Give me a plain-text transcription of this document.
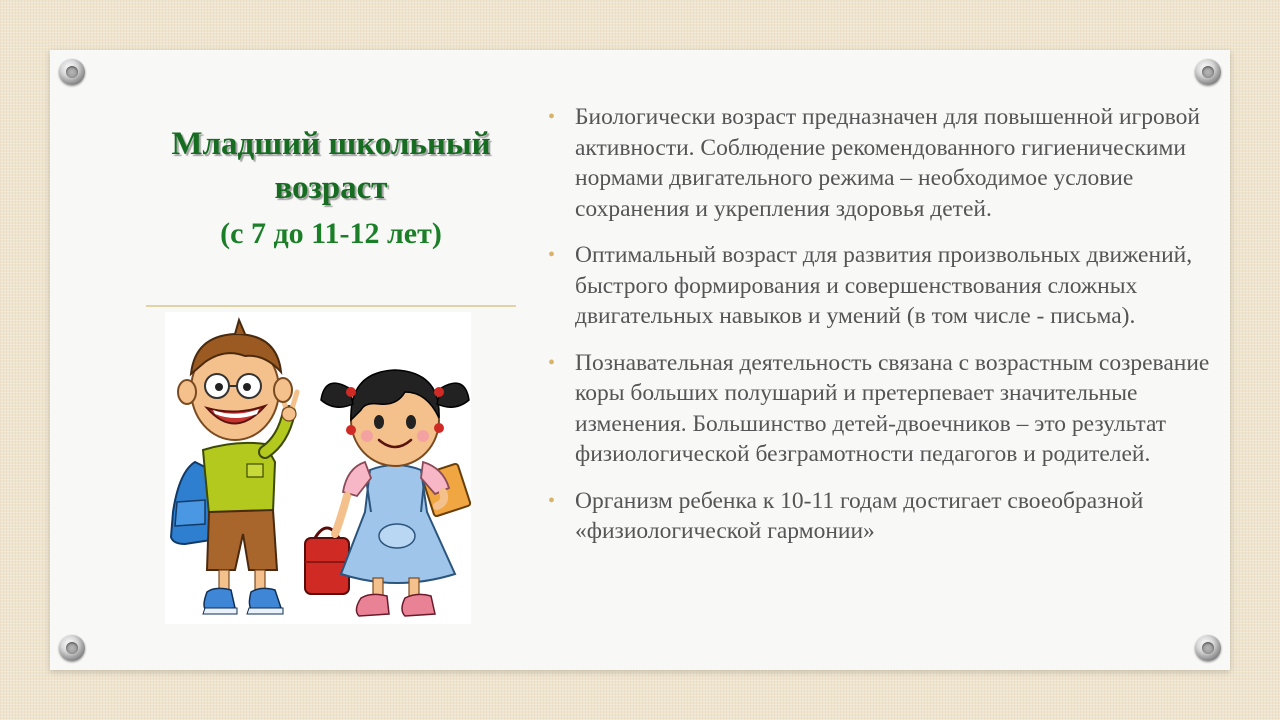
Младший школьный возраст
(с 7 до 11-12 лет)
• Биологически возраст предназначен для повышенной игровой активности. Соблюдение рекомендованного гигиеническими нормами двигательного режима – необходимое условие сохранения и укрепления здоровья детей.
• Оптимальный возраст для развития произвольных движений, быстрого формирования и совершенствования сложных двигательных навыков и умений (в том числе - письма).
• Познавательная деятельность связана с возрастным созревание коры больших полушарий и претерпевает значительные изменения. Большинство детей-двоечников – это результат физиологической безграмотности педагогов и родителей.
• Организм ребенка к 10-11 годам достигает своеобразной «физиологической гармонии»
